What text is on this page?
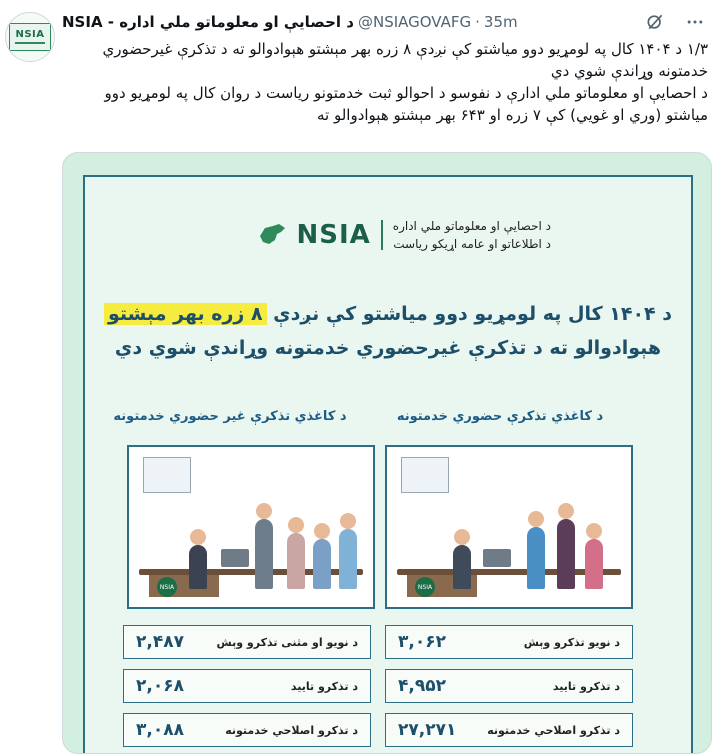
NSIA
NSIA - د احصايې او معلوماتو ملي اداره @NSIAGOVAFG · 35m

۱/۳ د ۱۴۰۴ کال په لومړیو دوو میاشتو کې نږدې ۸ زره بهر مېشتو هېوادوالو ته د تذکرې غیرحضوري خدمتونه وړاندې شوي دي

د احصایې او معلوماتو ملي ادارې د نفوسو د احوالو ثبت خدمتونو ریاست د روان کال په لومړیو دوو میاشتو (وري او غویي) کې ۷ زره او ۶۴۳ بهر مېشتو هېوادوالو ته

د احصايې او معلوماتو ملي اداره
د اطلاعاتو او عامه اړيکو رياست
NSIA
د ۱۴۰۴ کال په لومړیو دوو میاشتو کې نږدې ۸ زره بهر مېشتو
هېوادوالو ته د تذکرې غیرحضوري خدمتونه وړاندې شوي دي
د کاغذي تذکرې حضوري خدمتونه
د کاغذي تذکرې غیر حضوري خدمتونه
NSIA
NSIA
۳,۰۶۲	د نويو تذکرو وېش
۴,۹۵۲	د تذکرو تایید
۲۷,۲۷۱	د تذکرو اصلاحي خدمتونه
۲,۴۸۷	د نويو او مثنی تذکرو وېش
۲,۰۶۸	د تذکرو تایید
۳,۰۸۸	د تذکرو اصلاحي خدمتونه
